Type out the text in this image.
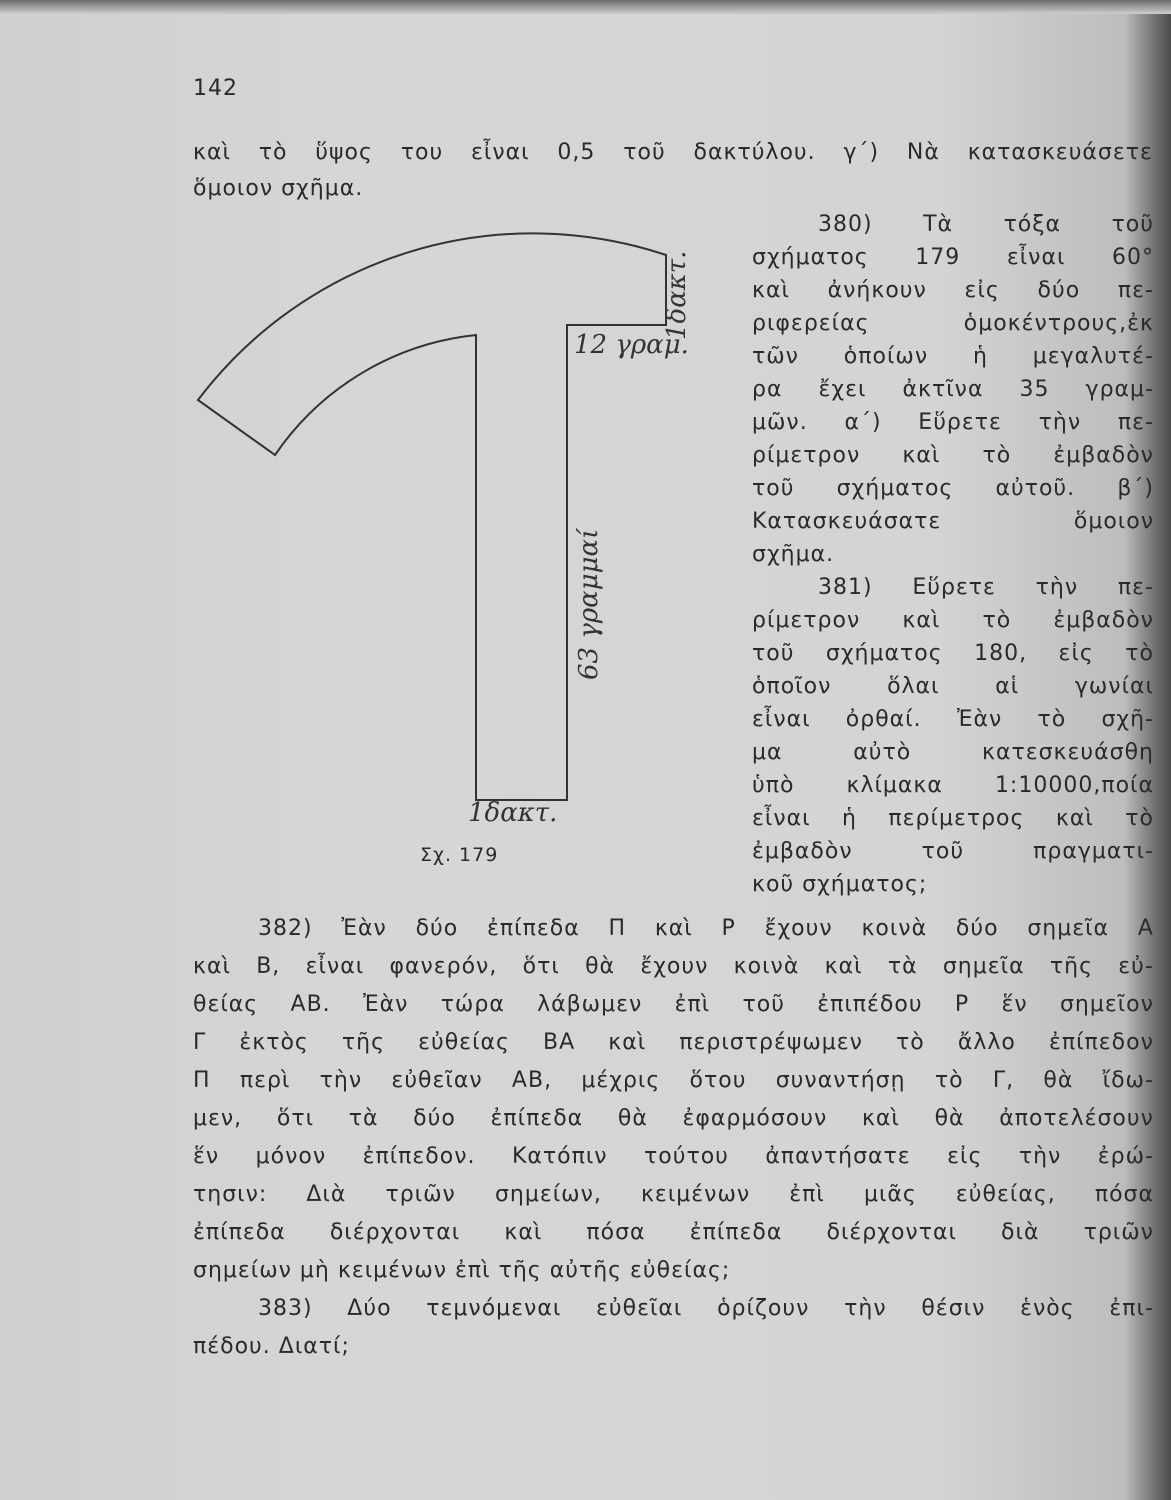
142
καὶ τὸ ὕψος του εἶναι 0,5 τοῦ δακτύλου. γ΄) Νὰ κατασκευάσετε
ὅμοιον σχῆμα.
1δακτ.
12 γραμ.
63 γραμμαί
1δακτ.
Σχ. 179
380) Τὰ τόξα τοῦ
σχήματος 179 εἶναι 60°
καὶ ἀνήκουν εἰς δύο πε-
ριφερείας	ὁμοκέντρους,ἐκ
τῶν ὁποίων ἡ μεγαλυτέ-
ρα ἔχει ἀκτῖνα 35 γραμ-
μῶν. α΄) Εὕρετε τὴν πε-
ρίμετρον καὶ τὸ ἐμβαδὸν
τοῦ σχήματος αὐτοῦ. β΄)
Κατασκευάσατε	ὅμοιον
σχῆμα.
381) Εὕρετε τὴν πε-
ρίμετρον καὶ τὸ ἐμβαδὸν
τοῦ σχήματος 180, εἰς τὸ
ὁποῖον	ὅλαι	αἱ	γωνίαι
εἶναι ὀρθαί. Ἐὰν τὸ σχῆ-
μα	αὐτὸ	κατεσκευάσθη
ὑπὸ κλίμακα 1:10000,ποία
εἶναι ἡ περίμετρος καὶ τὸ
ἐμβαδὸν	τοῦ	πραγματι-
κοῦ σχήματος;
382) Ἐὰν δύο ἐπίπεδα Π καὶ Ρ ἔχουν κοινὰ δύο σημεῖα Α
καὶ Β, εἶναι φανερόν, ὅτι θὰ ἔχουν κοινὰ καὶ τὰ σημεῖα τῆς εὐ-
θείας ΑΒ. Ἐὰν τώρα λάβωμεν ἐπὶ τοῦ ἐπιπέδου Ρ ἕν σημεῖον
Γ ἐκτὸς τῆς εὐθείας ΒΑ καὶ περιστρέψωμεν τὸ ἄλλο ἐπίπεδον
Π περὶ τὴν εὐθεῖαν ΑΒ, μέχρις ὅτου συναντήσῃ τὸ Γ, θὰ ἴδω-
μεν, ὅτι τὰ δύο ἐπίπεδα θὰ ἐφαρμόσουν καὶ θὰ ἀποτελέσουν
ἕν μόνον ἐπίπεδον. Κατόπιν τούτου ἀπαντήσατε εἰς τὴν ἐρώ-
τησιν: Διὰ τριῶν σημείων, κειμένων ἐπὶ μιᾶς εὐθείας, πόσα
ἐπίπεδα διέρχονται καὶ πόσα ἐπίπεδα διέρχονται διὰ τριῶν
σημείων μὴ κειμένων ἐπὶ τῆς αὐτῆς εὐθείας;
383) Δύο τεμνόμεναι εὐθεῖαι ὁρίζουν τὴν θέσιν ἑνὸς ἐπι-
πέδου. Διατί;
